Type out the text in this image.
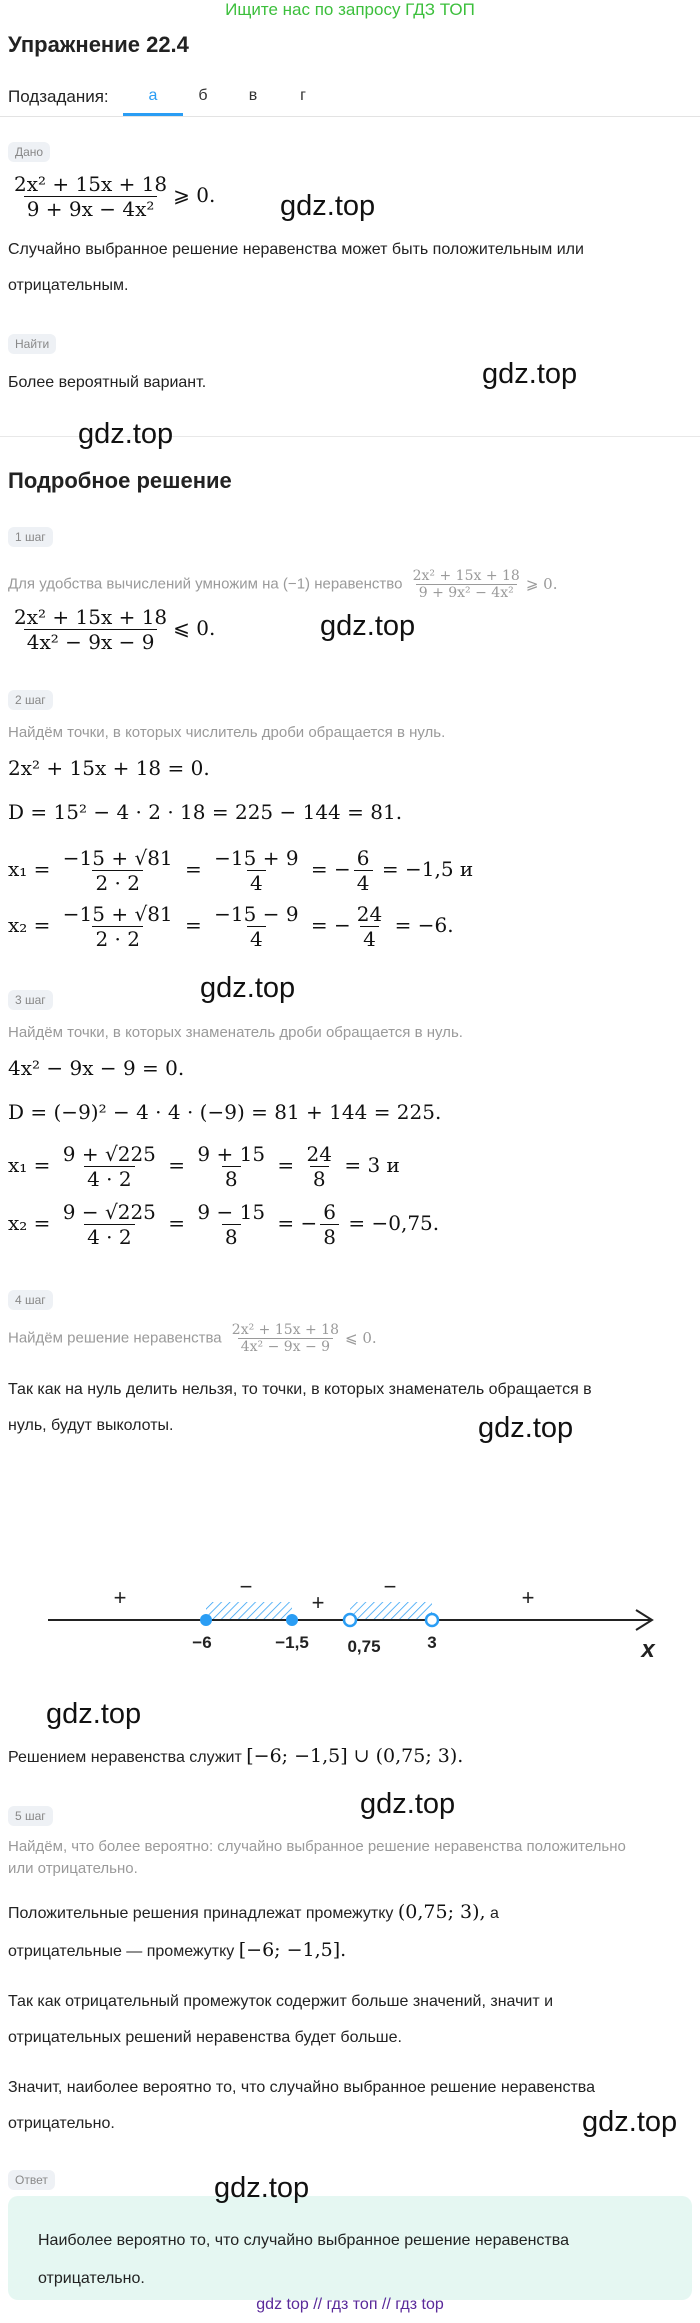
Ищите нас по запросу ГДЗ ТОП
Упражнение 22.4
Подзадания:	а	б	в	г
Дано
$\frac{\text{2x² + 15x + 18}}{\text{9 + 9x − 4x²}}$ ⩾ 0.
Случайно выбранное решение неравенства может быть положительным или
отрицательным.
Найти
Более вероятный вариант.
Подробное решение
1 шаг
Для удобства вычислений умножим на (−1) неравенство $\frac{\text{2x² + 15x + 18}}{\text{9 + 9x² − 4x²}}$ ⩾ 0.
$\frac{\text{2x² + 15x + 18}}{\text{4x² − 9x − 9}}$ ⩽ 0.
2 шаг
Найдём точки, в которых числитель дроби обращается в нуль.
2x² + 15x + 18 = 0.
D = 15² − 4 · 2 · 18 = 225 − 144 = 81.
$x_1 = \frac{-15 + √81}{2 \cdot 2} = \frac{-15 + 9}{4}$ = − $\frac{6}{4} = -1,5$ и
$x_2 = \frac{-15 + √81}{2 \cdot 2} = \frac{-15 - 9}{4}$ = − $\frac{24}{4} = -6$.
3 шаг
Найдём точки, в которых знаменатель дроби обращается в нуль.
4x² − 9x − 9 = 0.
D = (−9)² − 4 · 4 · (−9) = 81 + 144 = 225.
$x_1 = \frac{9 + √225}{4 \cdot 2} = \frac{9 + 15}{8} = \frac{24}{8} = 3$ и
$x_2 = \frac{9 - √225}{4 \cdot 2} = \frac{9 - 15}{8}$ = − $\frac{6}{8} = -0,75$.
4 шаг
Найдём решение неравенства $\frac{\text{2x² + 15x + 18}}{\text{4x² − 9x − 9}}$ ⩽ 0.
Так как на нуль делить нельзя, то точки, в которых знаменатель обращается в
нуль, будут выколоты.
+	−
+
−	+
−6	−1,5 0,75	3	x
Решением неравенства служит [−6; −1,5] ∪ (0,75; 3).
5 шаг
Найдём, что более вероятно: случайно выбранное решение неравенства положительно
или отрицательно.
Положительные решения принадлежат промежутку (0,75; 3), а
отрицательные — промежутку [−6; −1,5].
Так как отрицательный промежуток содержит больше значений, значит и
отрицательных решений неравенства будет больше.
Значит, наиболее вероятно то, что случайно выбранное решение неравенства
отрицательно.
Ответ
Наиболее вероятно то, что случайно выбранное решение неравенства
отрицательно.
gdz.top
gdz.top
gdz.top
gdz.top
gdz.top
gdz.top
gdz.top
gdz.top
gdz.top
gdz.top
gdz top // гдз топ // гдз top
